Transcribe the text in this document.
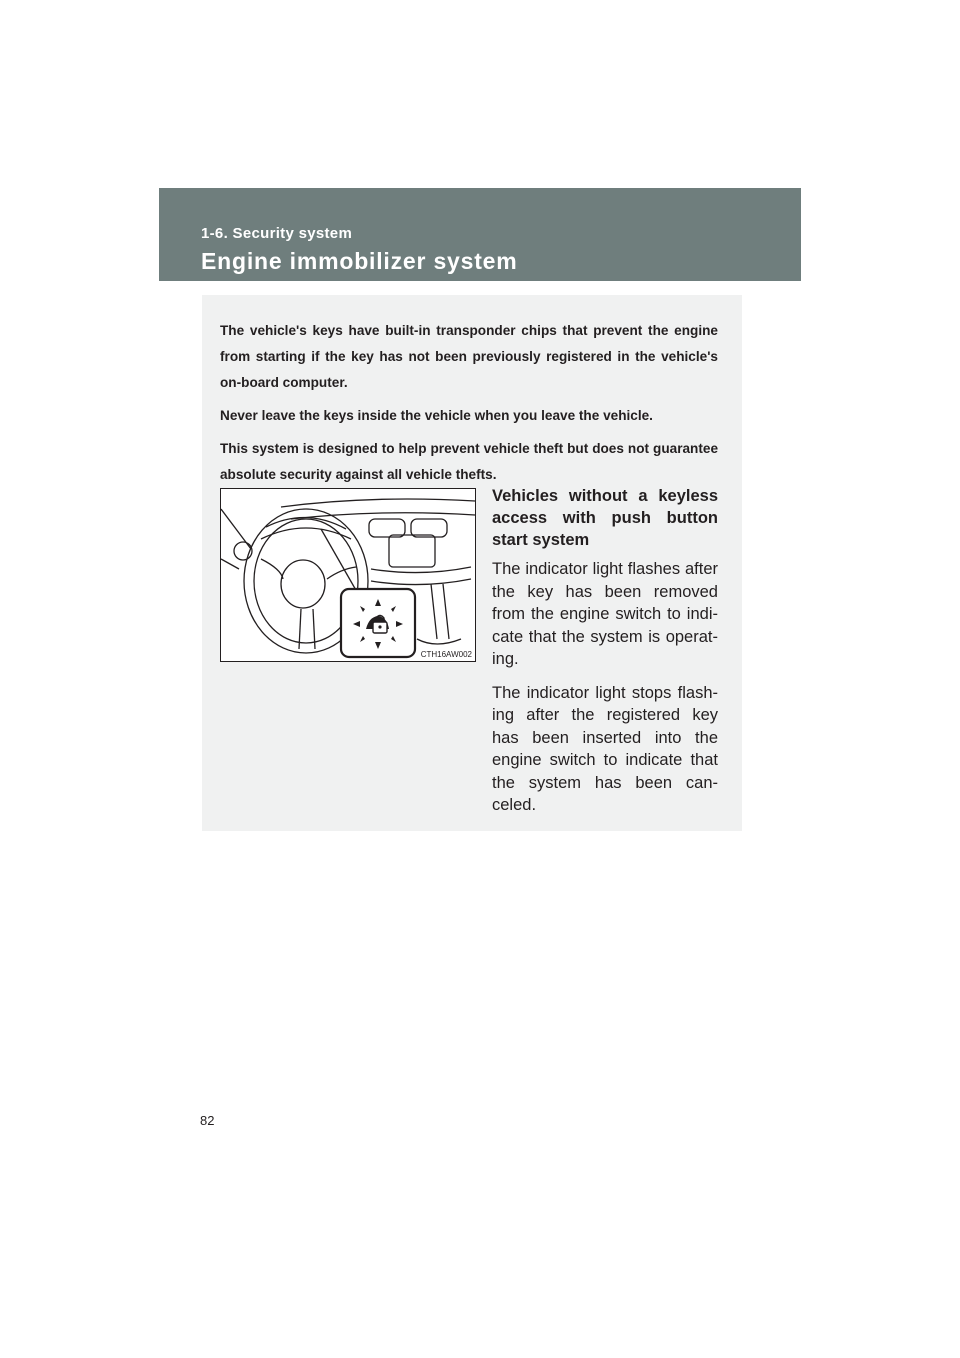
1-6. Security system
Engine immobilizer system

The vehicle's keys have built-in transponder chips that prevent the engine from starting if the key has not been previously registered in the vehicle's on-board computer.

Never leave the keys inside the vehicle when you leave the vehicle.

This system is designed to help prevent vehicle theft but does not guarantee absolute security against all vehicle thefts.

CTH16AW002
Vehicles without a keyless access with push button start system

The indicator light flashes after the key has been removed from the engine switch to indi-cate that the system is operat-ing.

The indicator light stops flash-ing after the registered key has been inserted into the engine switch to indicate that the system has been can-celed.

82
